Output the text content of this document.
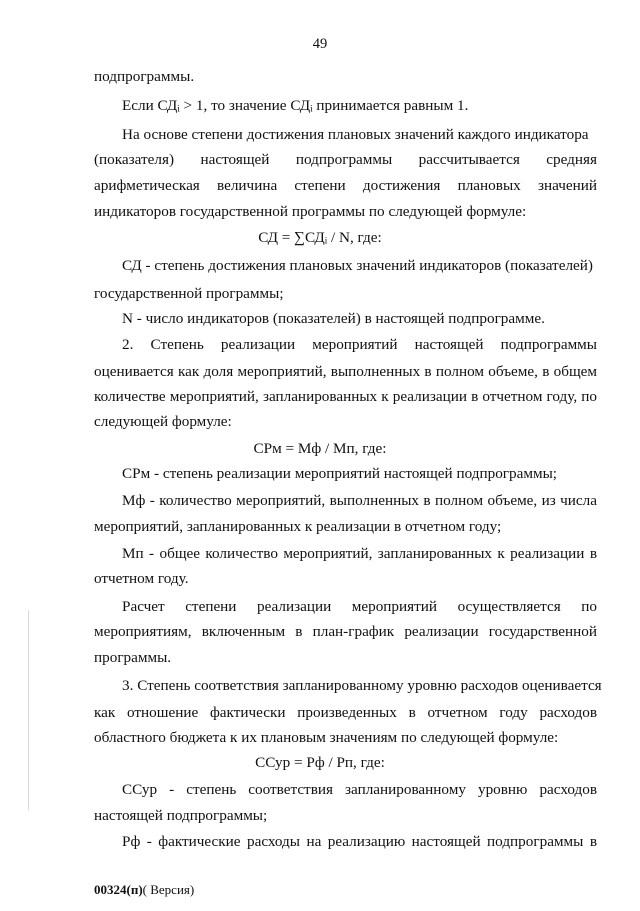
49
подпрограммы.
Если СДᵢ > 1, то значение СДᵢ принимается равным 1.
На основе степени достижения плановых значений каждого индикатора
(показателя) настоящей подпрограммы рассчитывается средняя
арифметическая величина степени достижения плановых значений
индикаторов государственной программы по следующей формуле:
СД = ∑СДᵢ / N, где:
СД - степень достижения плановых значений индикаторов (показателей)
государственной программы;
N - число индикаторов (показателей) в настоящей подпрограмме.
2. Степень реализации мероприятий настоящей подпрограммы
оценивается как доля мероприятий, выполненных в полном объеме, в общем
количестве мероприятий, запланированных к реализации в отчетном году, по
следующей формуле:
СРм = Мф / Мп, где:
СРм - степень реализации мероприятий настоящей подпрограммы;
Мф - количество мероприятий, выполненных в полном объеме, из числа
мероприятий, запланированных к реализации в отчетном году;
Мп - общее количество мероприятий, запланированных к реализации в
отчетном году.
Расчет степени реализации мероприятий осуществляется по
мероприятиям, включенным в план-график реализации государственной
программы.
3. Степень соответствия запланированному уровню расходов оценивается
как отношение фактически произведенных в отчетном году расходов
областного бюджета к их плановым значениям по следующей формуле:
ССур = Рф / Рп, где:
ССур - степень соответствия запланированному уровню расходов
настоящей подпрограммы;
Рф - фактические расходы на реализацию настоящей подпрограммы в
00324(п)( Версия)
